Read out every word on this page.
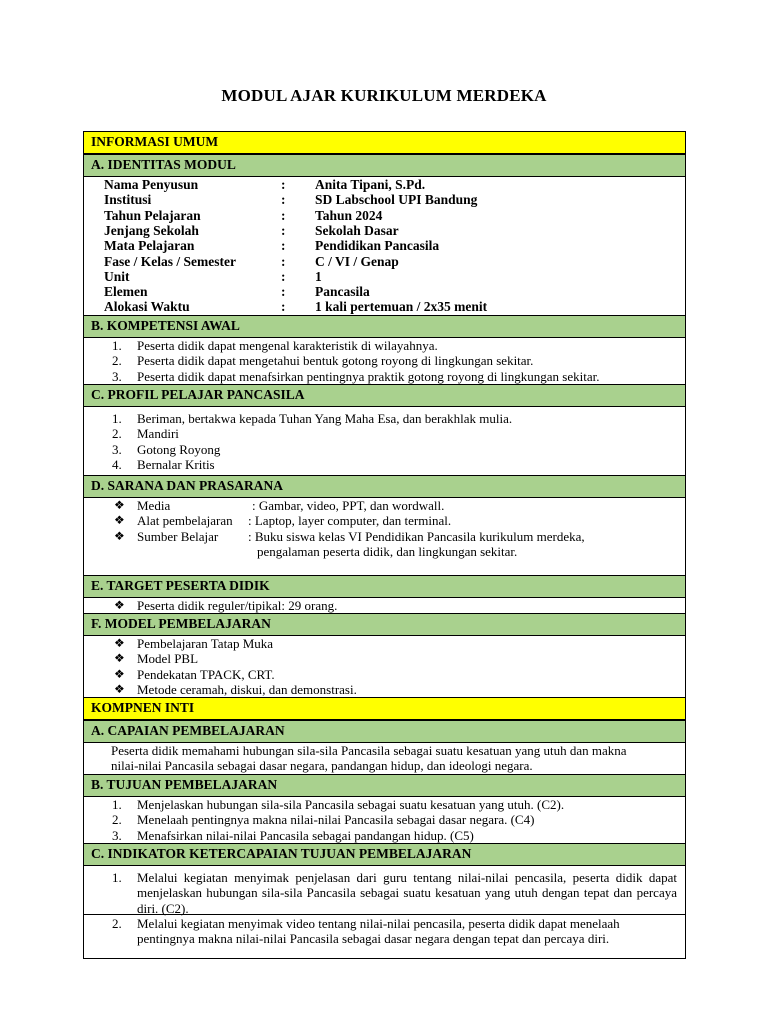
MODUL AJAR KURIKULUM MERDEKA
INFORMASI UMUM
A. IDENTITAS MODUL
Nama Penyusun	: Anita Tipani, S.Pd.
Institusi	: SD Labschool UPI Bandung
Tahun Pelajaran	: Tahun 2024
Jenjang Sekolah	: Sekolah Dasar
Mata Pelajaran	: Pendidikan Pancasila
Fase / Kelas / Semester	: C / VI / Genap
Unit	: 1
Elemen	: Pancasila
Alokasi Waktu	: 1 kali pertemuan / 2x35 menit
B. KOMPETENSI AWAL
1. Peserta didik dapat mengenal karakteristik di wilayahnya.
2. Peserta didik dapat mengetahui bentuk gotong royong di lingkungan sekitar.
3. Peserta didik dapat menafsirkan pentingnya praktik gotong royong di lingkungan sekitar.
C. PROFIL PELAJAR PANCASILA
1. Beriman, bertakwa kepada Tuhan Yang Maha Esa, dan berakhlak mulia.
2. Mandiri
3. Gotong Royong
4. Bernalar Kritis
D. SARANA DAN PRASARANA
❖ Media	: Gambar, video, PPT, dan wordwall.
❖ Alat pembelajaran : Laptop, layer computer, dan terminal.
❖ Sumber Belajar : Buku siswa kelas VI Pendidikan Pancasila kurikulum merdeka,
pengalaman peserta didik, dan lingkungan sekitar.
E. TARGET PESERTA DIDIK
❖ Peserta didik reguler/tipikal: 29 orang.
F. MODEL PEMBELAJARAN
❖ Pembelajaran Tatap Muka
❖ Model PBL
❖ Pendekatan TPACK, CRT.
❖ Metode ceramah, diskui, dan demonstrasi.
KOMPNEN INTI
A. CAPAIAN PEMBELAJARAN
Peserta didik memahami hubungan sila-sila Pancasila sebagai suatu kesatuan yang utuh dan makna
nilai-nilai Pancasila sebagai dasar negara, pandangan hidup, dan ideologi negara.
B. TUJUAN PEMBELAJARAN
1. Menjelaskan hubungan sila-sila Pancasila sebagai suatu kesatuan yang utuh. (C2).
2. Menelaah pentingnya makna nilai-nilai Pancasila sebagai dasar negara. (C4)
3. Menafsirkan nilai-nilai Pancasila sebagai pandangan hidup. (C5)
C. INDIKATOR KETERCAPAIAN TUJUAN PEMBELAJARAN
1. Melalui kegiatan menyimak penjelasan dari guru tentang nilai-nilai pencasila, peserta didik dapat menjelaskan hubungan sila-sila Pancasila sebagai suatu kesatuan yang utuh dengan tepat dan percaya diri. (C2).
2. Melalui kegiatan menyimak video tentang nilai-nilai pencasila, peserta didik dapat menelaah
pentingnya makna nilai-nilai Pancasila sebagai dasar negara dengan tepat dan percaya diri.
